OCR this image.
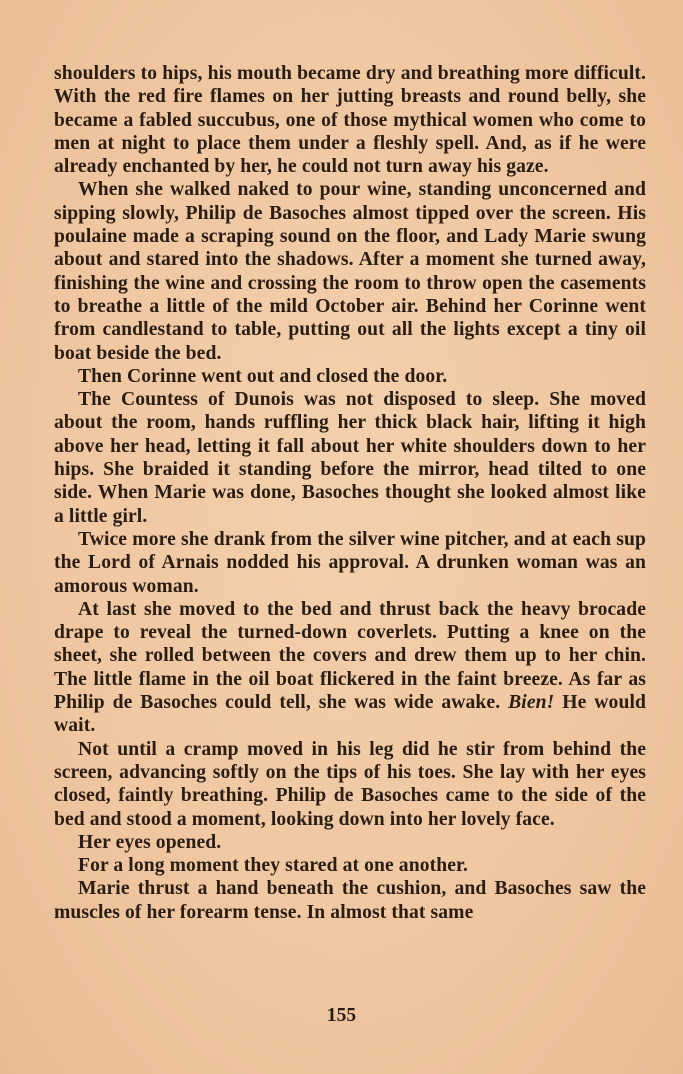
shoulders to hips, his mouth became dry and breathing more difficult. With the red fire flames on her jutting breasts and round belly, she became a fabled succubus, one of those mythical women who come to men at night to place them under a fleshly spell. And, as if he were already enchanted by her, he could not turn away his gaze.

When she walked naked to pour wine, standing unconcerned and sipping slowly, Philip de Basoches almost tipped over the screen. His poulaine made a scraping sound on the floor, and Lady Marie swung about and stared into the shadows. After a moment she turned away, finishing the wine and crossing the room to throw open the casements to breathe a little of the mild October air. Behind her Corinne went from candlestand to table, putting out all the lights except a tiny oil boat beside the bed.

Then Corinne went out and closed the door.

The Countess of Dunois was not disposed to sleep. She moved about the room, hands ruffling her thick black hair, lifting it high above her head, letting it fall about her white shoulders down to her hips. She braided it standing before the mirror, head tilted to one side. When Marie was done, Basoches thought she looked almost like a little girl.

Twice more she drank from the silver wine pitcher, and at each sup the Lord of Arnais nodded his approval. A drunken woman was an amorous woman.

At last she moved to the bed and thrust back the heavy brocade drape to reveal the turned-down coverlets. Putting a knee on the sheet, she rolled between the covers and drew them up to her chin. The little flame in the oil boat flickered in the faint breeze. As far as Philip de Basoches could tell, she was wide awake. Bien! He would wait.

Not until a cramp moved in his leg did he stir from behind the screen, advancing softly on the tips of his toes. She lay with her eyes closed, faintly breathing. Philip de Basoches came to the side of the bed and stood a moment, looking down into her lovely face.

Her eyes opened.

For a long moment they stared at one another.

Marie thrust a hand beneath the cushion, and Basoches saw the muscles of her forearm tense. In almost that same

155
